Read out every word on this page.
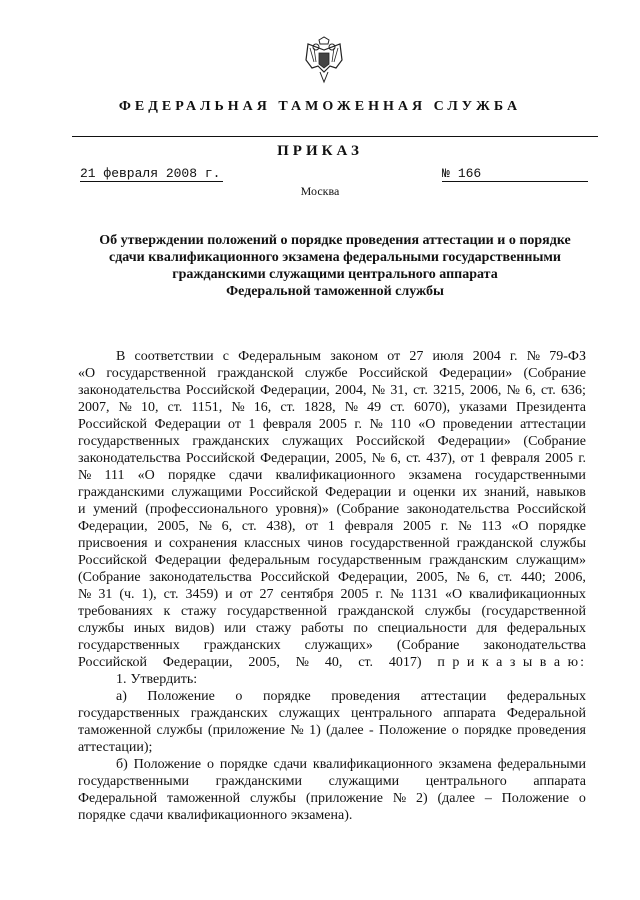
ФЕДЕРАЛЬНАЯ ТАМОЖЕННАЯ СЛУЖБА
ПРИКАЗ
21 февраля 2008 г.	№ 166
Москва
Об утверждении положений о порядке проведения аттестации и о порядке
сдачи квалификационного экзамена федеральными государственными
гражданскими служащими центрального аппарата
Федеральной таможенной службы
В соответствии с Федеральным законом от 27 июля 2004 г. № 79-ФЗ
«О государственной гражданской службе Российской Федерации» (Собрание
законодательства Российской Федерации, 2004, № 31, ст. 3215, 2006, № 6, ст. 636;
2007, № 10, ст. 1151, № 16, ст. 1828, № 49 ст. 6070), указами Президента
Российской Федерации от 1 февраля 2005 г. № 110 «О проведении аттестации
государственных гражданских служащих Российской Федерации» (Собрание
законодательства Российской Федерации, 2005, № 6, ст. 437), от 1 февраля 2005 г.
№ 111 «О порядке сдачи квалификационного экзамена государственными
гражданскими служащими Российской Федерации и оценки их знаний, навыков
и умений (профессионального уровня)» (Собрание законодательства Российской
Федерации, 2005, № 6, ст. 438), от 1 февраля 2005 г. № 113 «О порядке
присвоения и сохранения классных чинов государственной гражданской службы
Российской Федерации федеральным государственным гражданским служащим»
(Собрание законодательства Российской Федерации, 2005, № 6, ст. 440; 2006,
№ 31 (ч. 1), ст. 3459) и от 27 сентября 2005 г. № 1131 «О квалификационных
требованиях к стажу государственной гражданской службы (государственной
службы иных видов) или стажу работы по специальности для федеральных
государственных гражданских служащих» (Собрание законодательства
Российской Федерации, 2005, № 40, ст. 4017) п р и к а з ы в а ю:
1. Утвердить:
а) Положение о порядке проведения аттестации федеральных
государственных гражданских служащих центрального аппарата Федеральной
таможенной службы (приложение № 1) (далее - Положение о порядке проведения
аттестации);
б) Положение о порядке сдачи квалификационного экзамена федеральными
государственными гражданскими служащими центрального аппарата
Федеральной таможенной службы (приложение № 2) (далее – Положение о
порядке сдачи квалификационного экзамена).
